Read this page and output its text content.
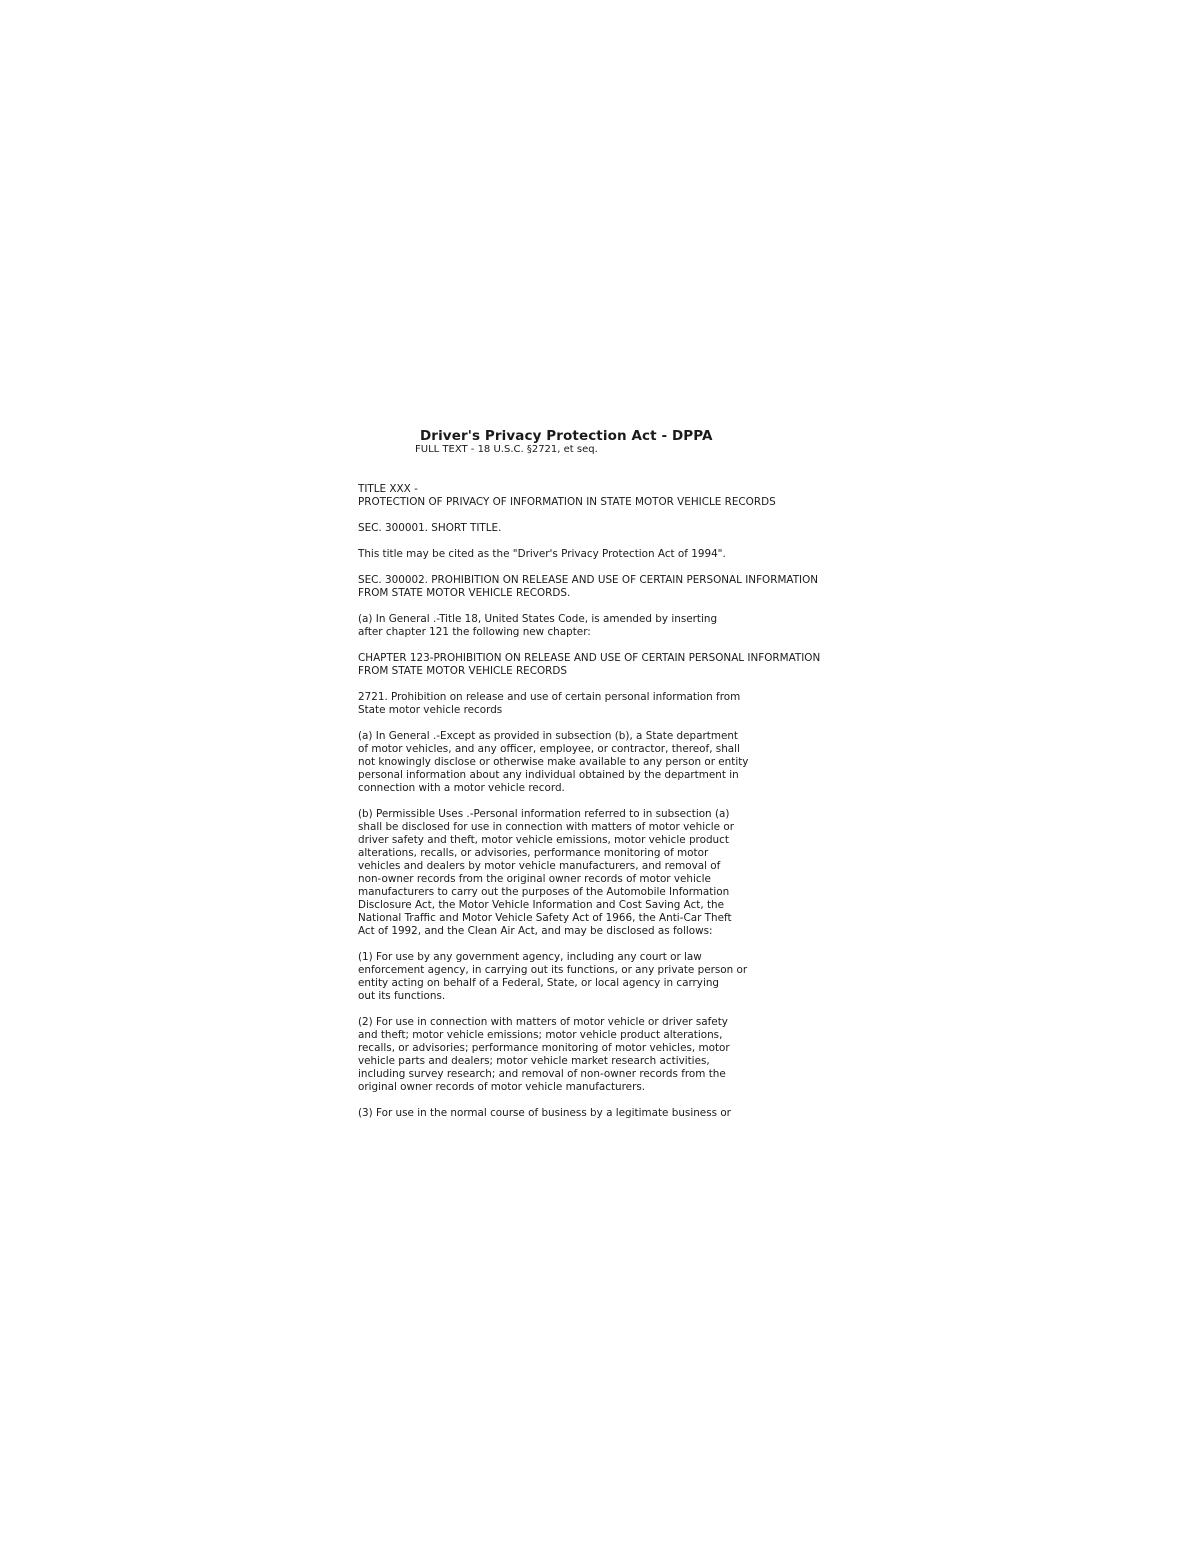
Driver's Privacy Protection Act - DPPA
FULL TEXT - 18 U.S.C. §2721, et seq.

TITLE XXX -
PROTECTION OF PRIVACY OF INFORMATION IN STATE MOTOR VEHICLE RECORDS

SEC. 300001. SHORT TITLE.

This title may be cited as the "Driver's Privacy Protection Act of 1994".

SEC. 300002. PROHIBITION ON RELEASE AND USE OF CERTAIN PERSONAL INFORMATION
FROM STATE MOTOR VEHICLE RECORDS.

(a) In General .-Title 18, United States Code, is amended by inserting
after chapter 121 the following new chapter:

CHAPTER 123-PROHIBITION ON RELEASE AND USE OF CERTAIN PERSONAL INFORMATION
FROM STATE MOTOR VEHICLE RECORDS

2721. Prohibition on release and use of certain personal information from
State motor vehicle records

(a) In General .-Except as provided in subsection (b), a State department
of motor vehicles, and any officer, employee, or contractor, thereof, shall
not knowingly disclose or otherwise make available to any person or entity
personal information about any individual obtained by the department in
connection with a motor vehicle record.

(b) Permissible Uses .-Personal information referred to in subsection (a)
shall be disclosed for use in connection with matters of motor vehicle or
driver safety and theft, motor vehicle emissions, motor vehicle product
alterations, recalls, or advisories, performance monitoring of motor
vehicles and dealers by motor vehicle manufacturers, and removal of
non-owner records from the original owner records of motor vehicle
manufacturers to carry out the purposes of the Automobile Information
Disclosure Act, the Motor Vehicle Information and Cost Saving Act, the
National Traffic and Motor Vehicle Safety Act of 1966, the Anti-Car Theft
Act of 1992, and the Clean Air Act, and may be disclosed as follows:

(1) For use by any government agency, including any court or law
enforcement agency, in carrying out its functions, or any private person or
entity acting on behalf of a Federal, State, or local agency in carrying
out its functions.

(2) For use in connection with matters of motor vehicle or driver safety
and theft; motor vehicle emissions; motor vehicle product alterations,
recalls, or advisories; performance monitoring of motor vehicles, motor
vehicle parts and dealers; motor vehicle market research activities,
including survey research; and removal of non-owner records from the
original owner records of motor vehicle manufacturers.

(3) For use in the normal course of business by a legitimate business or
